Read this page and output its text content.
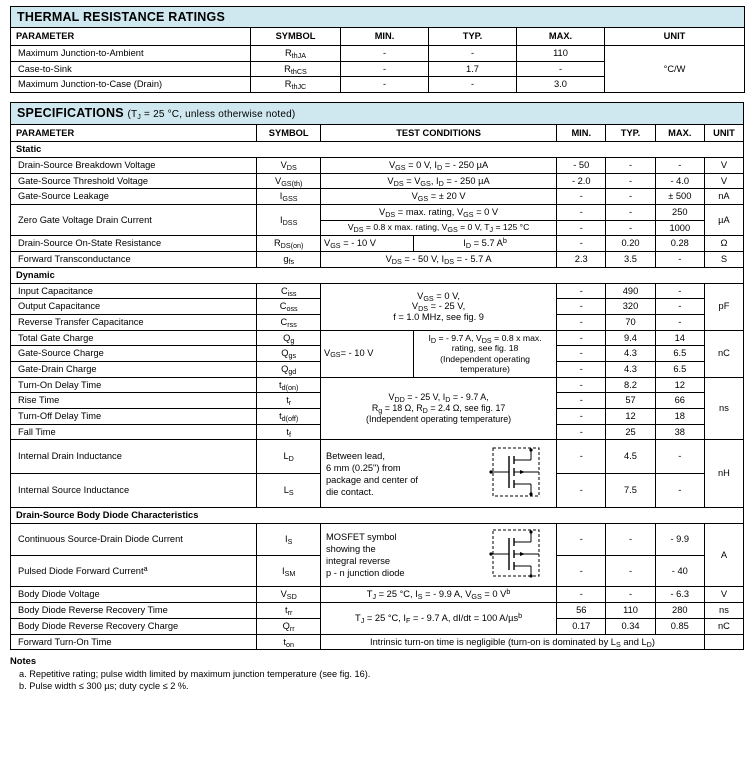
THERMAL RESISTANCE RATINGS					
PARAMETER	SYMBOL	MIN.	TYP.	MAX.	UNIT
Maximum Junction-to-Ambient	$R_{thJA}$	-	-	110	°C/W
Case-to-Sink	$R_{thCS}$	-	1.7	-	
Maximum Junction-to-Case (Drain)	$R_{thJC}$	-	-	3.0	
SPECIFICATIONS ($T_J = 25$ °C, unless otherwise noted)						
PARAMETER	SYMBOL	TEST CONDITIONS	MIN.	TYP.	MAX.	UNIT
Static						
Drain-Source Breakdown Voltage	$V_{DS}$	$V_{GS} = 0$ V, $I_D$ = - 250 µA	- 50	-	-	V
Gate-Source Threshold Voltage	$V_{GS(th)}$	$V_{DS} = V_{GS}$, $I_D$ = - 250 µA	- 2.0	-	- 4.0	V
Gate-Source Leakage	$I_{GSS}$	$V_{GS}$ = ± 20 V	-	-	± 500	nA
Zero Gate Voltage Drain Current	$I_{DSS}$	$V_{DS} = \max$. rating, $V_{GS} = 0$ V	-	-	250	µA
		$V_{DS} = 0.8$ x max. rating, $V_{GS} = 0$ V, $T_J = 125$ °C	-	-	1000	
Drain-Source On-State Resistance	$R_{DS(on)}$	$V_{GS}$ = - 10 V $I_D = 5.7$ $A^b$	-	0.20	0.28	Ω
Forward Transconductance	$g_{fs}$	$V_{DS}$ = - 50 V, $I_{DS}$ = - 5.7 A	2.3	3.5	-	S
Dynamic						
Input Capacitance	$C_{iss}$	$V_{GS} = 0$ V,
$V_{DS}$ = - 25 V,
f = 1.0 MHz, see fig. 9	-	490	-	pF
Output Capacitance	$C_{oss}$		-	320	-	
Reverse Transfer Capacitance	$C_{rss}$		-	70	-	
Total Gate Charge	$Q_g$	
$V_{GS}$ = - 10 V
$I_D$ = - 9.7 A, $V_{DS} = 0.8$ x max.
rating, see fig. 18
(Independent operating
temperature)
	-	9.4	14	nC
Gate-Source Charge	$Q_{gs}$		-	4.3	6.5	
Gate-Drain Charge	$Q_{gd}$		-	4.3	6.5	
Turn-On Delay Time	$t_{d(on)}$	$V_{DD}$ = - 25 V, $I_D$ = - 9.7 A,
$R_g = 18$ Ω, $R_D = 2.4$ Ω, see fig. 17
(Independent operating temperature)	-	8.2	12	ns
Rise Time	$t_r$		-	57	66	
Turn-Off Delay Time	$t_{d(off)}$		-	12	18	
Fall Time	$t_f$		-	25	38	
Internal Drain Inductance	$L_D$	Between lead,
6 mm (0.25") from
package and center of
die contact.	-	4.5	-	nH
Internal Source Inductance	$L_S$		-	7.5	-	
Drain-Source Body Diode Characteristics						
Continuous Source-Drain Diode Current	$I_S$	MOSFET symbol
showing the
integral reverse
p - n junction diode	-	-	- 9.9	A
Pulsed Diode Forward Current$^a$	$I_{SM}$		-	-	- 40	
Body Diode Voltage	$V_{SD}$	$T_J = 25$ °C, $I_S$ = - 9.9 A, $V_{GS} = 0$ $V^b$	-	-	- 6.3	V
Body Diode Reverse Recovery Time	$t_{rr}$	$T_J = 25$ °C, $I_F$ = - 9.7 A, dI/dt = 100 A/µs$^b$	56	110	280	ns
Body Diode Reverse Recovery Charge	$Q_{rr}$		0.17	0.34	0.85	nC
Forward Turn-On Time	$t_{on}$	Intrinsic turn-on time is negligible (turn-on is dominated by $L_S$ and $L_D$)				
Notes
a. Repetitive rating; pulse width limited by maximum junction temperature (see fig. 16).
b. Pulse width ≤ 300 µs; duty cycle ≤ 2 %.
